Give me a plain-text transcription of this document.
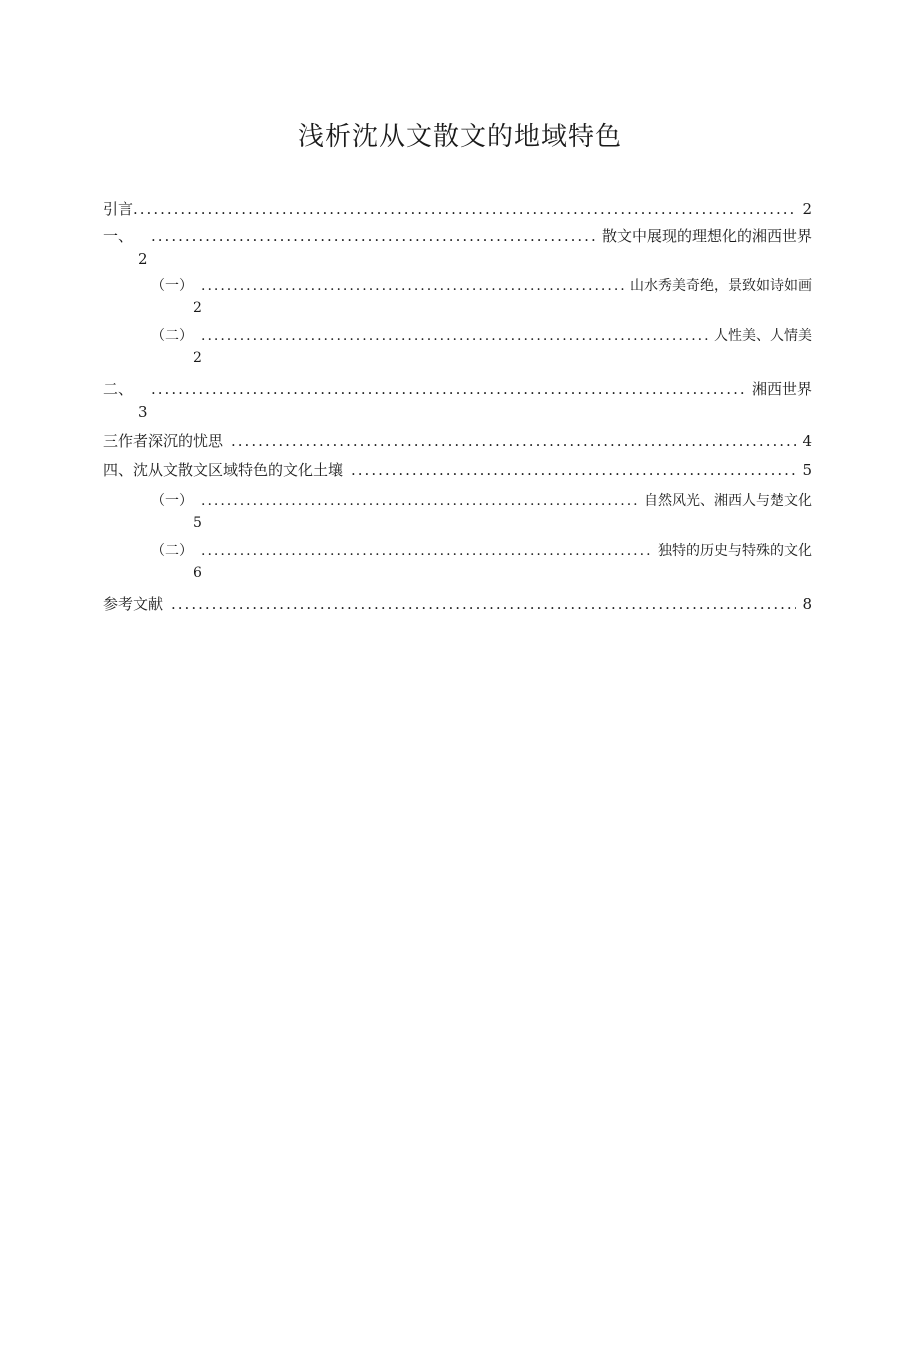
浅析沈从文散文的地域特色
引言 .....	2
一、 .....	散文中展现的理想化的湘西世界
2
（一） .....	山水秀美奇绝，景致如诗如画
2
（二） .....	人性美、人情美
2
二、 .....	湘西世界
3
三作者深沉的忧思 .....	4
四、沈从文散文区域特色的文化土壤 .....	5
（一） .....	自然风光、湘西人与楚文化
5
（二） .....	独特的历史与特殊的文化
6
参考文献 .....	8
